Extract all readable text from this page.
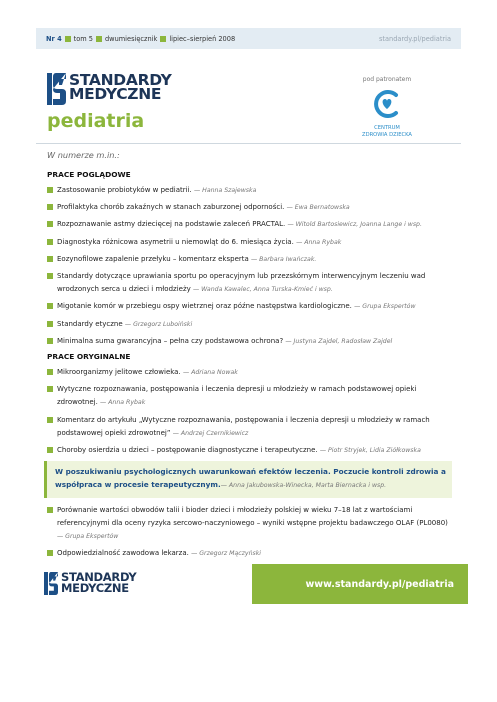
Nr 4 tom 5 dwumiesięcznik lipiec–sierpień 2008	standardy.pl/pediatria
STANDARDY
MEDYCZNE
pediatria
pod patronatem
CENTRUM
ZDROWIA DZIECKA
W numerze m.in.:
PRACE POGLĄDOWE
Zastosowanie probiotyków w pediatrii. — Hanna Szajewska
Profilaktyka chorób zakaźnych w stanach zaburzonej odporności. — Ewa Bernatowska
Rozpoznawanie astmy dziecięcej na podstawie zaleceń PRACTAL. — Witold Bartosiewicz, Joanna Lange i wsp.
Diagnostyka różnicowa asymetrii u niemowląt do 6. miesiąca życia. — Anna Rybak
Eozynofilowe zapalenie przełyku – komentarz eksperta — Barbara Iwańczak.
Standardy dotyczące uprawiania sportu po operacyjnym lub przezskórnym interwencyjnym leczeniu wad wrodzonych serca u dzieci i młodzieży — Wanda Kawalec, Anna Turska-Kmieć i wsp.
Migotanie komór w przebiegu ospy wietrznej oraz późne następstwa kardiologiczne. — Grupa Ekspertów
Standardy etyczne — Grzegorz Luboiński
Minimalna suma gwarancyjna – pełna czy podstawowa ochrona? — Justyna Zajdel, Radosław Zajdel
PRACE ORYGINALNE
Mikroorganizmy jelitowe człowieka. — Adriana Nowak
Wytyczne rozpoznawania, postępowania i leczenia depresji u młodzieży w ramach podstawowej opieki zdrowotnej. — Anna Rybak
Komentarz do artykułu „Wytyczne rozpoznawania, postępowania i leczenia depresji u młodzieży w ramach podstawowej opieki zdrowotnej” — Andrzej Czernikiewicz
Choroby osierdzia u dzieci – postępowanie diagnostyczne i terapeutyczne. — Piotr Stryjek, Lidia Ziółkowska
W poszukiwaniu psychologicznych uwarunkowań efektów leczenia. Poczucie kontroli zdrowia a współpraca w procesie terapeutycznym.— Anna Jakubowska-Winecka, Marta Biernacka i wsp.
Porównanie wartości obwodów talii i bioder dzieci i młodzieży polskiej w wieku 7–18 lat z wartościami referencyjnymi dla oceny ryzyka sercowo-naczyniowego – wyniki wstępne projektu badawczego OLAF (PL0080) — Grupa Ekspertów
Odpowiedzialność zawodowa lekarza. — Grzegorz Mączyński
STANDARDY
MEDYCZNE	www.standardy.pl/pediatria
